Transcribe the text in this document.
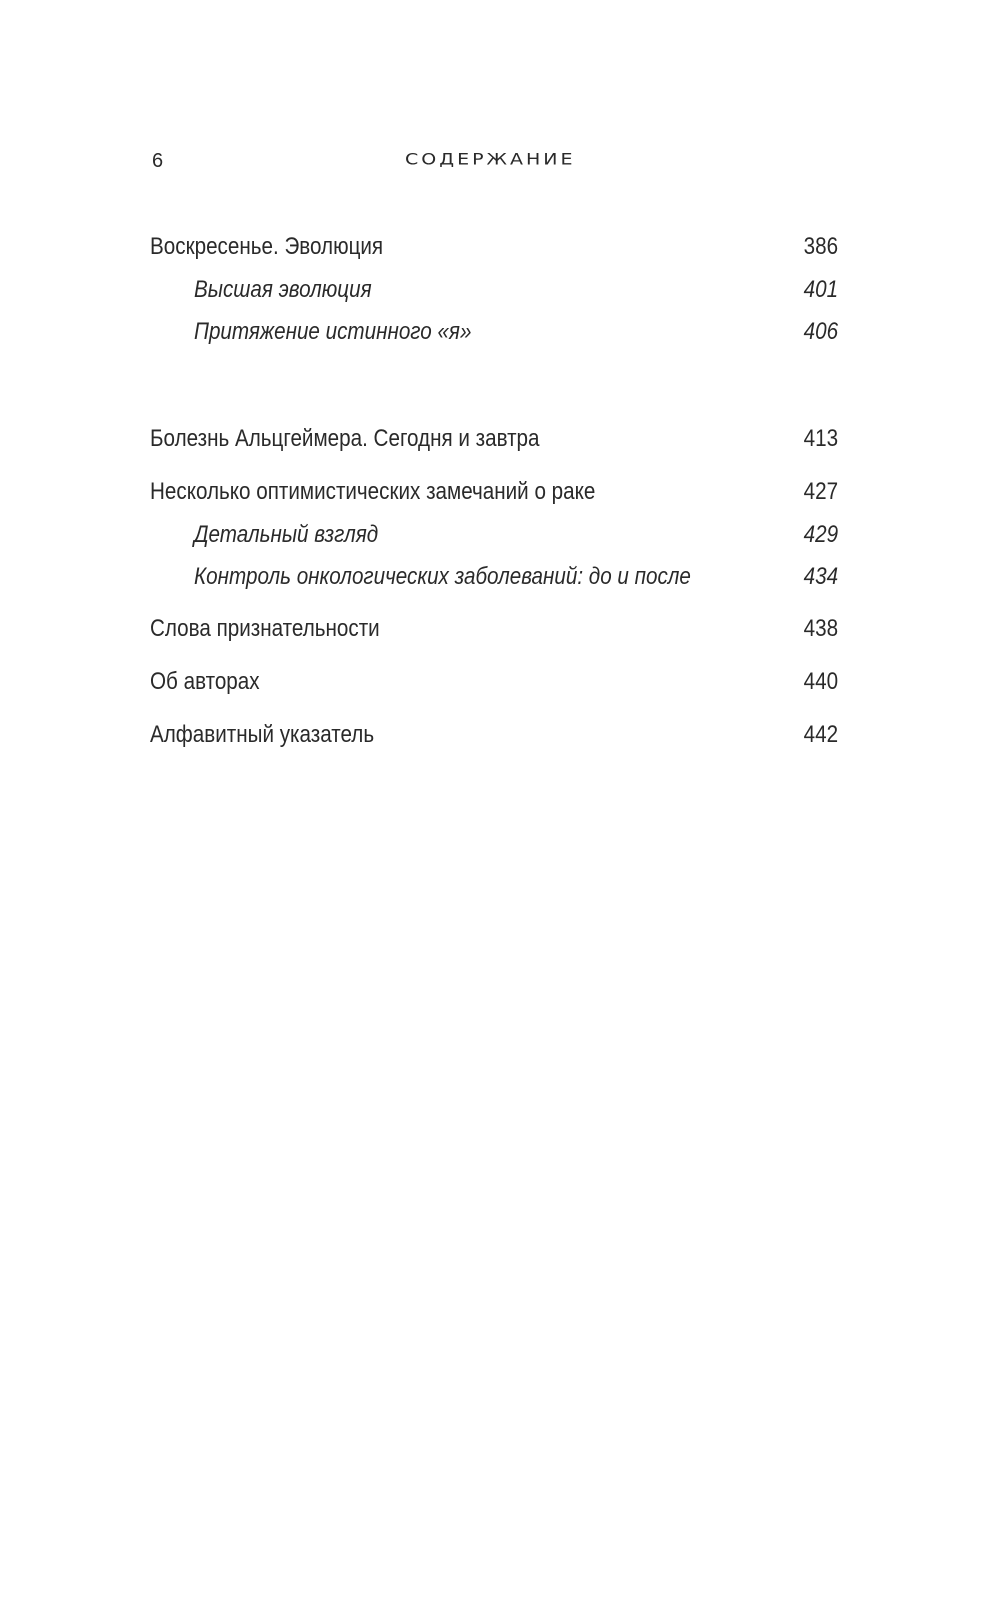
6	СОДЕРЖАНИЕ
Воскресенье. Эволюция	386
Высшая эволюция	401
Притяжение истинного «я»	406
Болезнь Альцгеймера. Сегодня и завтра	413
Несколько оптимистических замечаний о раке	427
Детальный взгляд	429
Контроль онкологических заболеваний: до и после	434
Слова признательности	438
Об авторах	440
Алфавитный указатель	442
